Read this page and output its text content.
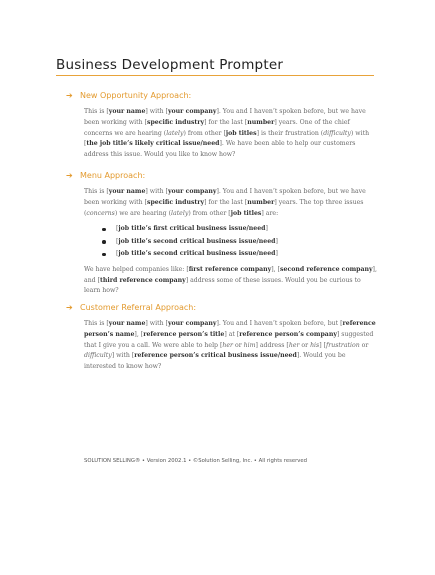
Business Development Prompter
➔ New Opportunity Approach:
This is [your name] with [your company]. You and I haven’t spoken before, but we have been working with [specific industry] for the last [number] years. One of the chief concerns we are hearing (lately) from other [job titles] is their frustration (difficulty) with [the job title’s likely critical issue/need]. We have been able to help our customers address this issue. Would you like to know how?
➔ Menu Approach:
This is [your name] with [your company]. You and I haven’t spoken before, but we have been working with [specific industry] for the last [number] years. The top three issues (concerns) we are hearing (lately) from other [job titles] are:
[job title’s first critical business issue/need]
[job title’s second critical business issue/need]
[job title’s second critical business issue/need]
We have helped companies like: [first reference company], [second reference company], and [third reference company] address some of these issues. Would you be curious to learn how?
➔ Customer Referral Approach:
This is [your name] with [your company]. You and I haven’t spoken before, but [reference person’s name], [reference person’s title] at [reference person’s company] suggested that I give you a call. We were able to help [her or him] address [her or his] [frustration or difficulty] with [reference person’s critical business issue/need]. Would you be interested to know how?
SOLUTION SELLING® • Version 2002.1 • ©Solution Selling, Inc. • All rights reserved
